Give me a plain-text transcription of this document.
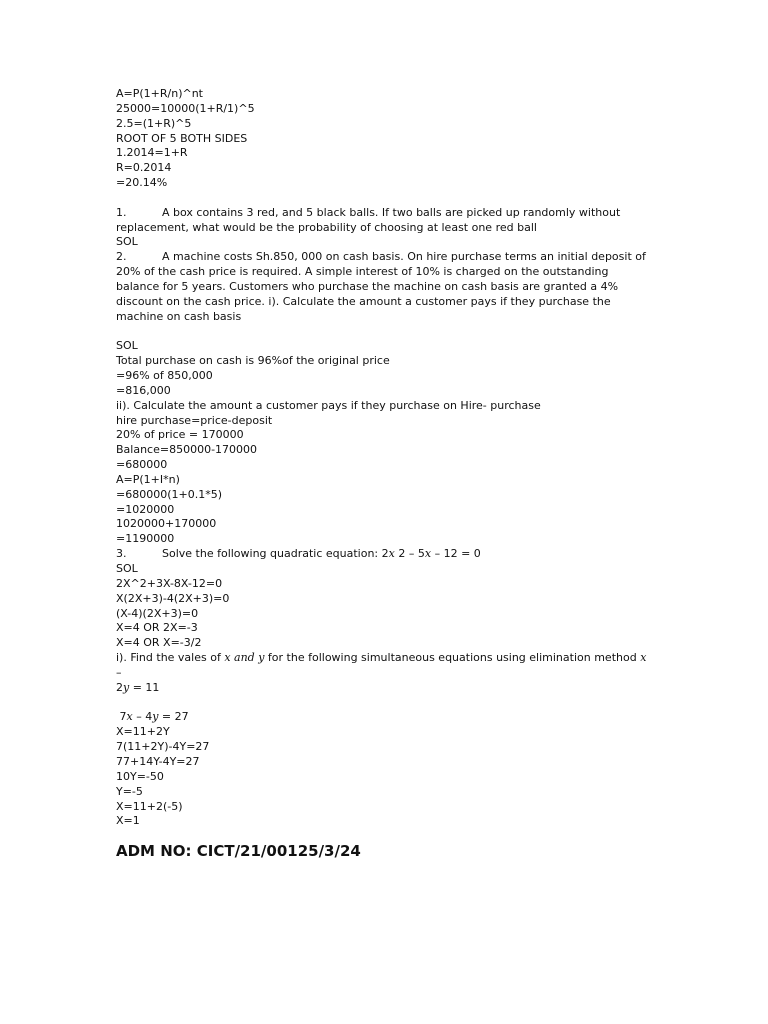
A=P(1+R/n)^nt

25000=10000(1+R/1)^5

2.5=(1+R)^5

ROOT OF 5 BOTH SIDES

1.2014=1+R

R=0.2014

=20.14%

1.	A box contains 3 red, and 5 black balls. If two balls are picked up randomly without replacement, what would be the probability of choosing at least one red ball

SOL

2.	A machine costs Sh.850, 000 on cash basis. On hire purchase terms an initial deposit of 20% of the cash price is required. A simple interest of 10% is charged on the outstanding balance for 5 years. Customers who purchase the machine on cash basis are granted a 4% discount on the cash price. i). Calculate the amount a customer pays if they purchase the machine on cash basis

SOL

Total purchase on cash is 96%of the original price

=96% of 850,000

=816,000

ii). Calculate the amount a customer pays if they purchase on Hire- purchase

hire purchase=price-deposit

20% of price = 170000

Balance=850000-170000

=680000

A=P(1+I*n)

=680000(1+0.1*5)

=1020000

1020000+170000

=1190000

3.	Solve the following quadratic equation: 2x 2 – 5x – 12 = 0

SOL

2X^2+3X-8X-12=0

X(2X+3)-4(2X+3)=0

(X-4)(2X+3)=0

X=4 OR 2X=-3

X=4 OR X=-3/2

i). Find the vales of x and y for the following simultaneous equations using elimination method x –
2y = 11

7x – 4y = 27

X=11+2Y

7(11+2Y)-4Y=27

77+14Y-4Y=27

10Y=-50

Y=-5

X=11+2(-5)

X=1

ADM NO: CICT/21/00125/3/24
